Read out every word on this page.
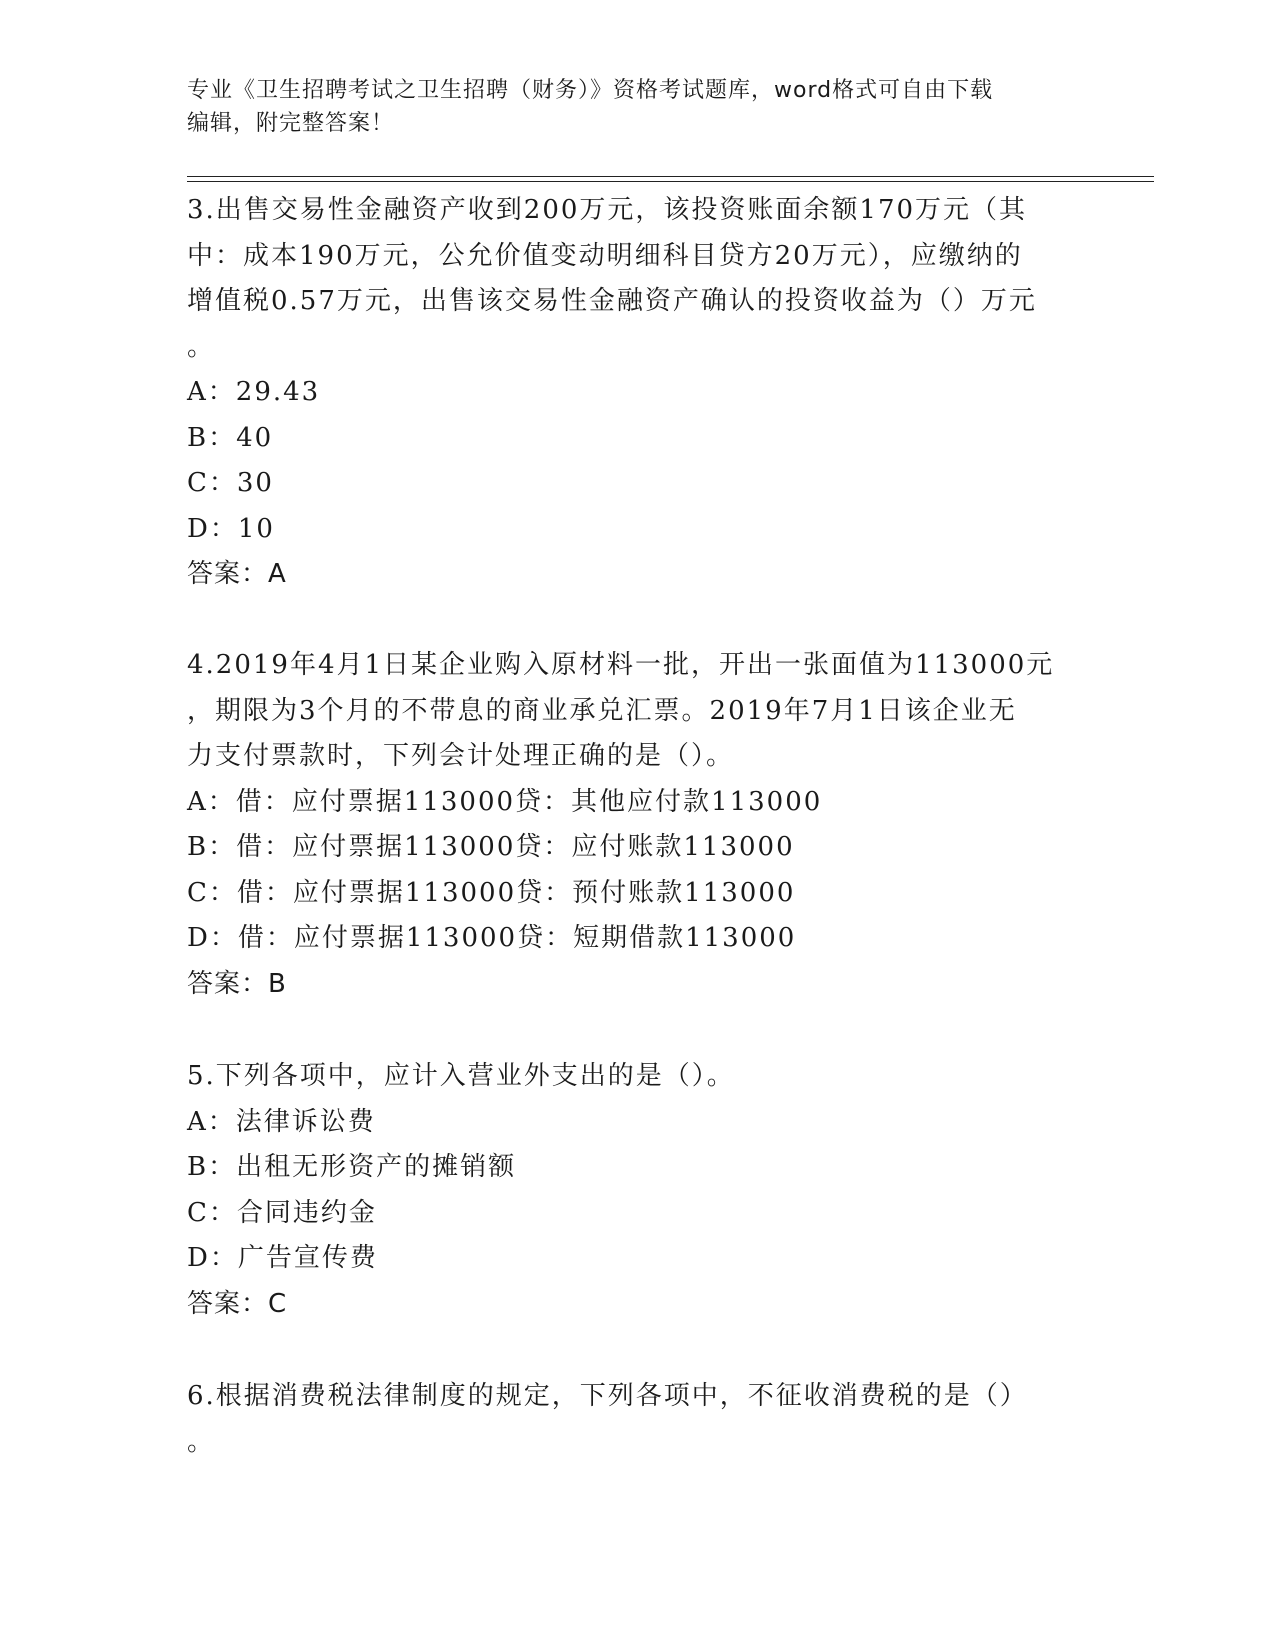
专业《卫生招聘考试之卫生招聘（财务）》资格考试题库，word格式可自由下载
编辑，附完整答案！

3.出售交易性金融资产收到200万元，该投资账面余额170万元（其

中：成本190万元，公允价值变动明细科目贷方20万元），应缴纳的

增值税0.57万元，出售该交易性金融资产确认的投资收益为（）万元

。

A：29.43

B：40

C：30

D：10

答案：A

4.2019年4月1日某企业购入原材料一批，开出一张面值为113000元

，期限为3个月的不带息的商业承兑汇票。2019年7月1日该企业无

力支付票款时，下列会计处理正确的是（）。

A：借：应付票据113000贷：其他应付款113000

B：借：应付票据113000贷：应付账款113000

C：借：应付票据113000贷：预付账款113000

D：借：应付票据113000贷：短期借款113000

答案：B

5.下列各项中，应计入营业外支出的是（）。

A：法律诉讼费

B：出租无形资产的摊销额

C：合同违约金

D：广告宣传费

答案：C

6.根据消费税法律制度的规定，下列各项中，不征收消费税的是（）

。
